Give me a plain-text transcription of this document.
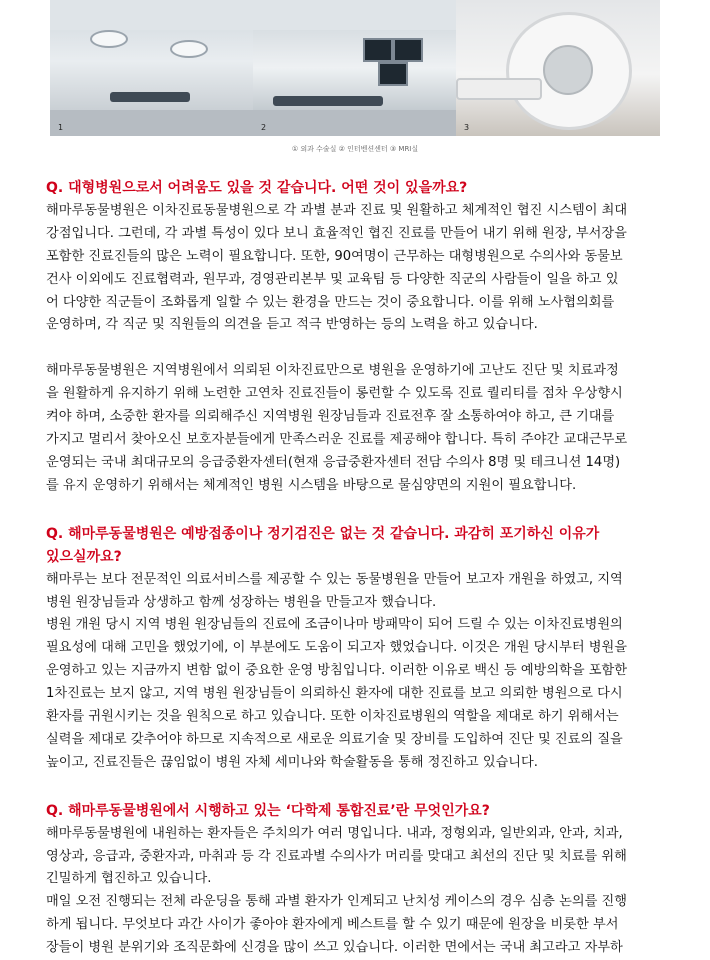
1	2	3
① 외과 수술실 ② 인터벤션센터 ③ MRI실

Q. 대형병원으로서 어려움도 있을 것 같습니다. 어떤 것이 있을까요?

해마루동물병원은 이차진료동물병원으로 각 과별 분과 진료 및 원활하고 체계적인 협진 시스템이 최대

강점입니다. 그런데, 각 과별 특성이 있다 보니 효율적인 협진 진료를 만들어 내기 위해 원장, 부서장을

포함한 진료진들의 많은 노력이 필요합니다. 또한, 90여명이 근무하는 대형병원으로 수의사와 동물보

건사 이외에도 진료협력과, 원무과, 경영관리본부 및 교육팀 등 다양한 직군의 사람들이 일을 하고 있

어 다양한 직군들이 조화롭게 일할 수 있는 환경을 만드는 것이 중요합니다. 이를 위해 노사협의회를

운영하며, 각 직군 및 직원들의 의견을 듣고 적극 반영하는 등의 노력을 하고 있습니다.

해마루동물병원은 지역병원에서 의뢰된 이차진료만으로 병원을 운영하기에 고난도 진단 및 치료과정

을 원활하게 유지하기 위해 노련한 고연차 진료진들이 롱런할 수 있도록 진료 퀄리티를 점차 우상향시

켜야 하며, 소중한 환자를 의뢰해주신 지역병원 원장님들과 진료전후 잘 소통하여야 하고, 큰 기대를

가지고 멀리서 찾아오신 보호자분들에게 만족스러운 진료를 제공해야 합니다. 특히 주야간 교대근무로

운영되는 국내 최대규모의 응급중환자센터(현재 응급중환자센터 전담 수의사 8명 및 테크니션 14명)

를 유지 운영하기 위해서는 체계적인 병원 시스템을 바탕으로 물심양면의 지원이 필요합니다.

Q. 해마루동물병원은 예방접종이나 정기검진은 없는 것 같습니다. 과감히 포기하신 이유가

있으실까요?

해마루는 보다 전문적인 의료서비스를 제공할 수 있는 동물병원을 만들어 보고자 개원을 하였고, 지역

병원 원장님들과 상생하고 함께 성장하는 병원을 만들고자 했습니다.

병원 개원 당시 지역 병원 원장님들의 진료에 조금이나마 방패막이 되어 드릴 수 있는 이차진료병원의

필요성에 대해 고민을 했었기에, 이 부분에도 도움이 되고자 했었습니다. 이것은 개원 당시부터 병원을

운영하고 있는 지금까지 변함 없이 중요한 운영 방침입니다. 이러한 이유로 백신 등 예방의학을 포함한

1차진료는 보지 않고, 지역 병원 원장님들이 의뢰하신 환자에 대한 진료를 보고 의뢰한 병원으로 다시

환자를 귀원시키는 것을 원칙으로 하고 있습니다. 또한 이차진료병원의 역할을 제대로 하기 위해서는

실력을 제대로 갖추어야 하므로 지속적으로 새로운 의료기술 및 장비를 도입하여 진단 및 진료의 질을

높이고, 진료진들은 끊임없이 병원 자체 세미나와 학술활동을 통해 정진하고 있습니다.

Q. 해마루동물병원에서 시행하고 있는 ‘다학제 통합진료’란 무엇인가요?

해마루동물병원에 내원하는 환자들은 주치의가 여러 명입니다. 내과, 정형외과, 일반외과, 안과, 치과,

영상과, 응급과, 중환자과, 마취과 등 각 진료과별 수의사가 머리를 맞대고 최선의 진단 및 치료를 위해

긴밀하게 협진하고 있습니다.

매일 오전 진행되는 전체 라운딩을 통해 과별 환자가 인계되고 난치성 케이스의 경우 심층 논의를 진행

하게 됩니다. 무엇보다 과간 사이가 좋아야 환자에게 베스트를 할 수 있기 때문에 원장을 비롯한 부서

장들이 병원 분위기와 조직문화에 신경을 많이 쓰고 있습니다. 이러한 면에서는 국내 최고라고 자부하
